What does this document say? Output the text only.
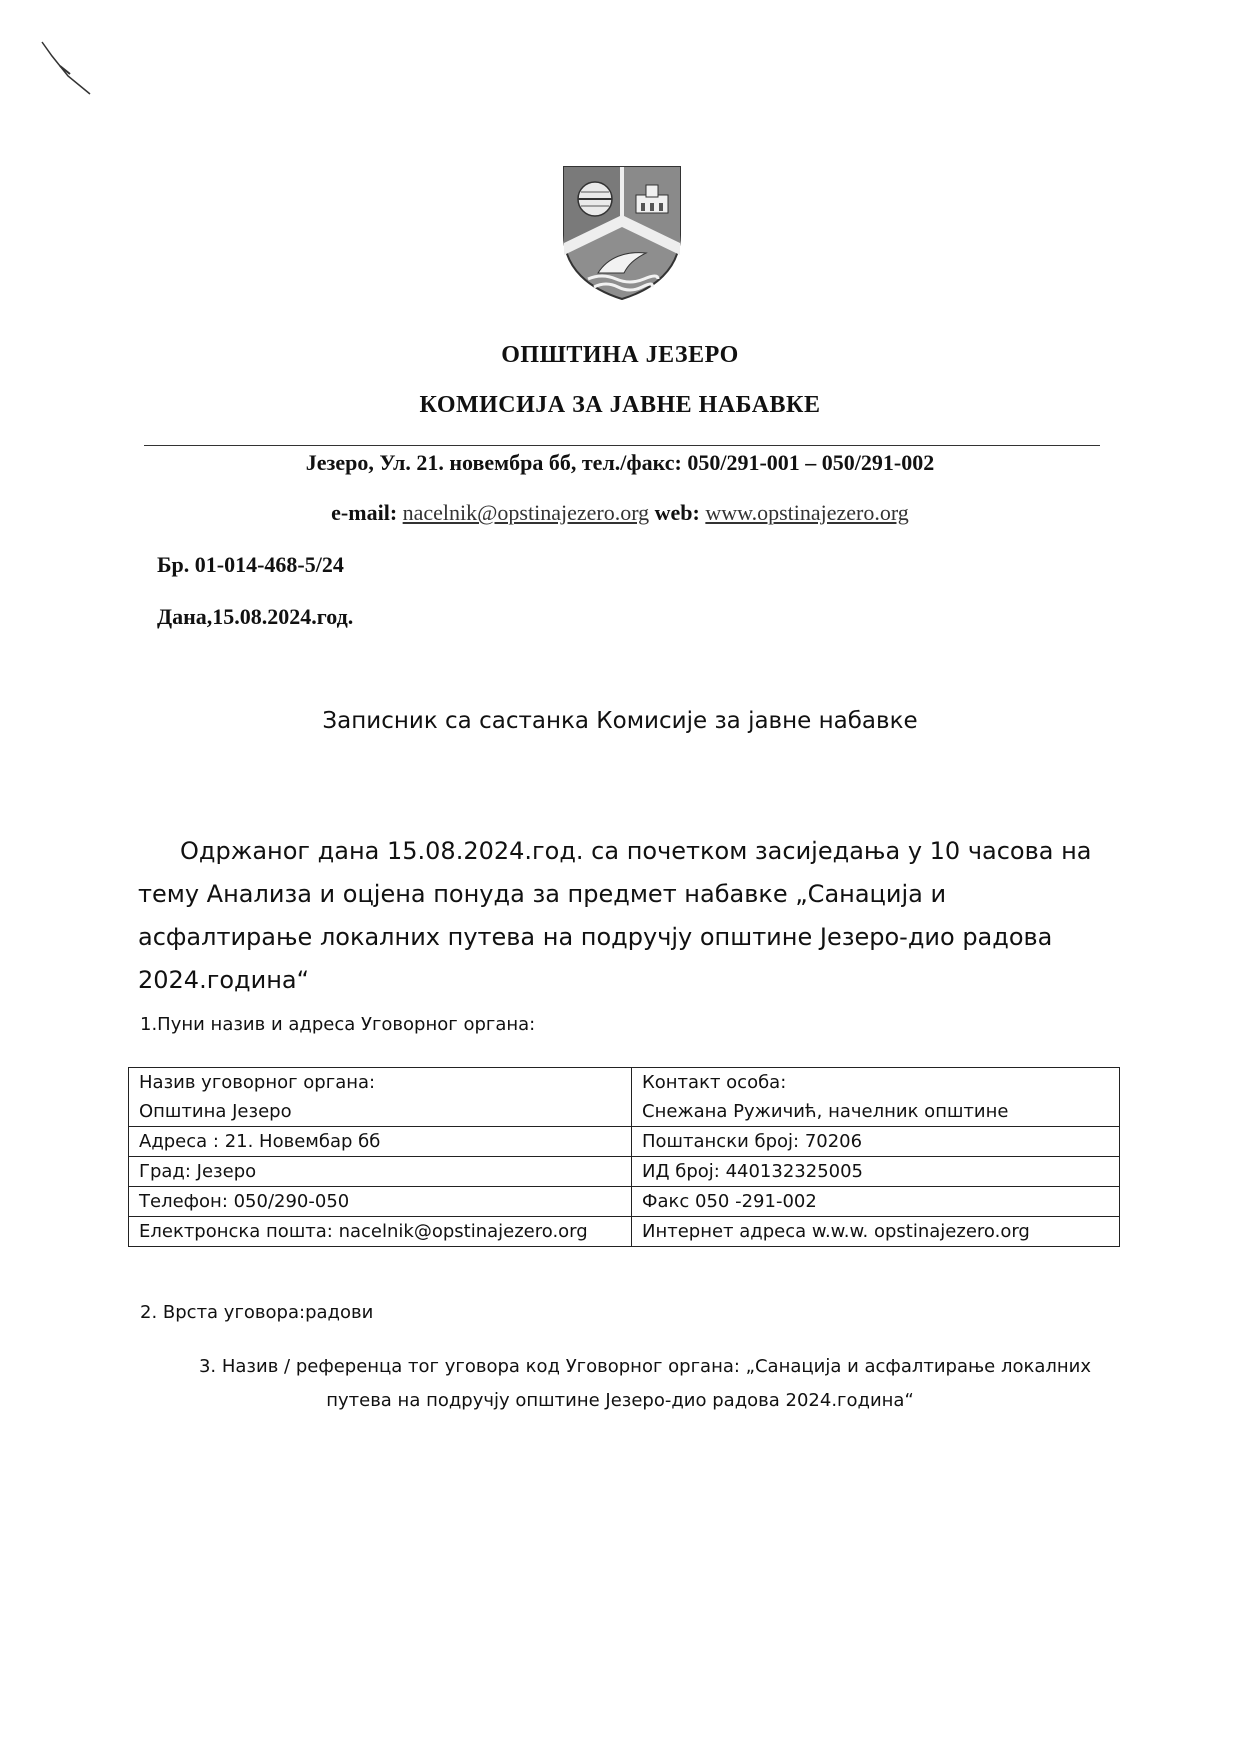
ОПШТИНА ЈЕЗЕРО
КОМИСИЈА ЗА ЈАВНЕ НАБАВКЕ
Језеро, Ул. 21. новембра бб, тел./факс: 050/291-001 – 050/291-002
e-mail: nacelnik@opstinajezero.org web: www.opstinajezero.org
Бр. 01-014-468-5/24
Дана,15.08.2024.год.
Записник са састанка Комисије за јавне набавке
Одржаног дана 15.08.2024.год. са почетком засиједања у 10 часова на тему Анализа и оцјена понуда за предмет набавке „Санација и асфалтирање локалних путева на подручју општине Језеро-дио радова 2024.година“
1.Пуни назив и адреса Уговорног органа:
Назив уговорног органа:	Контакт особа:
Општина Језеро	Снежана Ружичић, начелник општине
Адреса : 21. Новембар бб	Поштански број: 70206
Град: Језеро	ИД број: 440132325005
Телефон: 050/290-050	Факс 050 -291-002
Електронска пошта: nacelnik@opstinajezero.org	Интернет адреса w.w.w. opstinajezero.org
2. Врста уговора:радови
3. Назив / референца тог уговора код Уговорног органа: „Санација и асфалтирање локалних
путева на подручју општине Језеро-дио радова 2024.година“
